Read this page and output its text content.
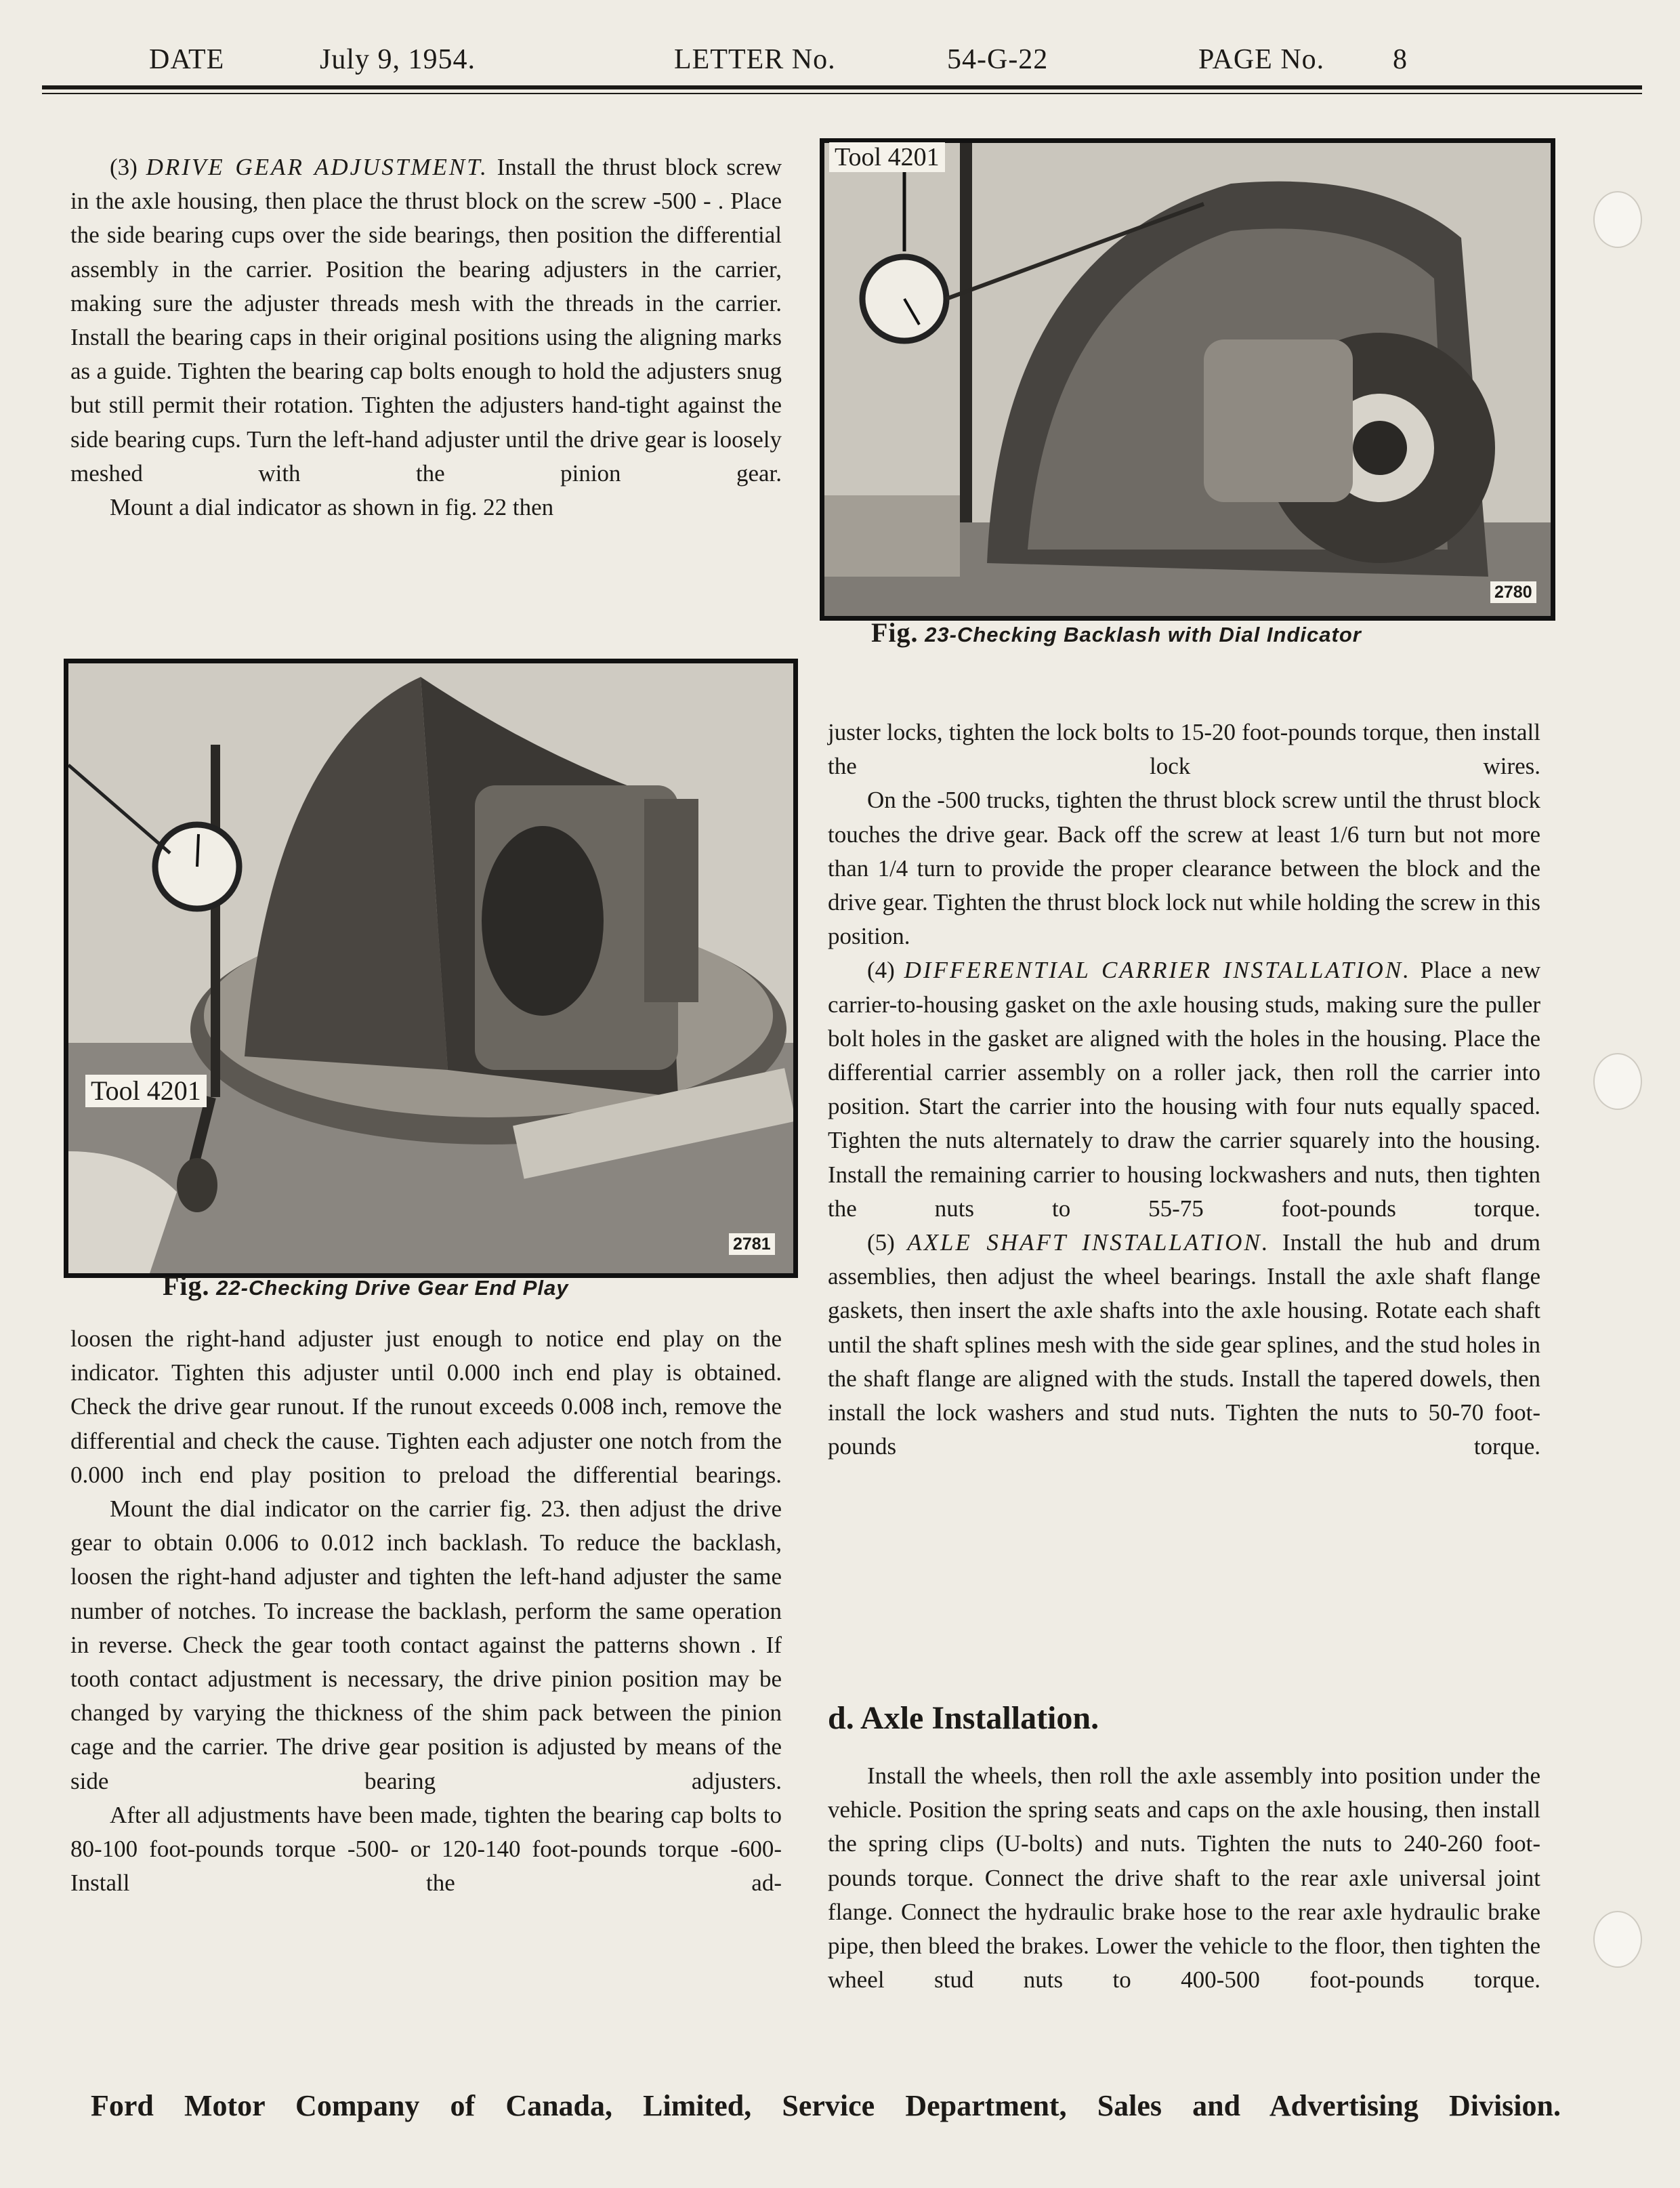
DATE	July 9, 1954.	LETTER No.	54-G-22	PAGE No. 8

(3) DRIVE GEAR ADJUSTMENT. Install the thrust block screw in the axle housing, then place the thrust block on the screw -500 - . Place the side bearing cups over the side bearings, then position the differential assembly in the carrier. Position the bearing adjusters in the carrier, making sure the adjuster threads mesh with the threads in the carrier. Install the bearing caps in their original positions using the aligning marks as a guide. Tighten the bearing cap bolts enough to hold the adjusters snug but still permit their rotation. Tighten the adjusters hand-tight against the side bearing cups. Turn the left-hand adjuster until the drive gear is loosely meshed with the pinion gear.

Mount a dial indicator as shown in fig. 22 then

Tool 4201
2781
Fig. 22-Checking Drive Gear End Play

loosen the right-hand adjuster just enough to notice end play on the indicator. Tighten this adjuster until 0.000 inch end play is obtained. Check the drive gear runout. If the runout exceeds 0.008 inch, remove the differential and check the cause. Tighten each adjuster one notch from the 0.000 inch end play position to preload the differential bearings.

Mount the dial indicator on the carrier fig. 23. then adjust the drive gear to obtain 0.006 to 0.012 inch backlash. To reduce the backlash, loosen the right-hand adjuster and tighten the left-hand adjuster the same number of notches. To increase the backlash, perform the same operation in reverse. Check the gear tooth contact against the patterns shown . If tooth contact adjustment is necessary, the drive pinion position may be changed by varying the thickness of the shim pack between the pinion cage and the carrier. The drive gear position is adjusted by means of the side bearing adjusters.

After all adjustments have been made, tighten the bearing cap bolts to 80-100 foot-pounds torque -500- or 120-140 foot-pounds torque -600- Install the ad-

Tool 4201
2780
Fig. 23-Checking Backlash with Dial Indicator

juster locks, tighten the lock bolts to 15-20 foot-pounds torque, then install the lock wires.

On the -500 trucks, tighten the thrust block screw until the thrust block touches the drive gear. Back off the screw at least 1/6 turn but not more than 1/4 turn to provide the proper clearance between the block and the drive gear. Tighten the thrust block lock nut while holding the screw in this position.

(4) DIFFERENTIAL CARRIER INSTALLATION. Place a new carrier-to-housing gasket on the axle housing studs, making sure the puller bolt holes in the gasket are aligned with the holes in the housing. Place the differential carrier assembly on a roller jack, then roll the carrier into position. Start the carrier into the housing with four nuts equally spaced. Tighten the nuts alternately to draw the carrier squarely into the housing. Install the remaining carrier to housing lockwashers and nuts, then tighten the nuts to 55-75 foot-pounds torque.

(5) AXLE SHAFT INSTALLATION. Install the hub and drum assemblies, then adjust the wheel bearings. Install the axle shaft flange gaskets, then insert the axle shafts into the axle housing. Rotate each shaft until the shaft splines mesh with the side gear splines, and the stud holes in the shaft flange are aligned with the studs. Install the tapered dowels, then install the lock washers and stud nuts. Tighten the nuts to 50-70 foot-pounds torque.

d. Axle Installation.

Install the wheels, then roll the axle assembly into position under the vehicle. Position the spring seats and caps on the axle housing, then install the spring clips (U-bolts) and nuts. Tighten the nuts to 240-260 foot-pounds torque. Connect the drive shaft to the rear axle universal joint flange. Connect the hydraulic brake hose to the rear axle hydraulic brake pipe, then bleed the brakes. Lower the vehicle to the floor, then tighten the wheel stud nuts to 400-500 foot-pounds torque.

Ford Motor Company of Canada, Limited, Service Department, Sales and Advertising Division.
